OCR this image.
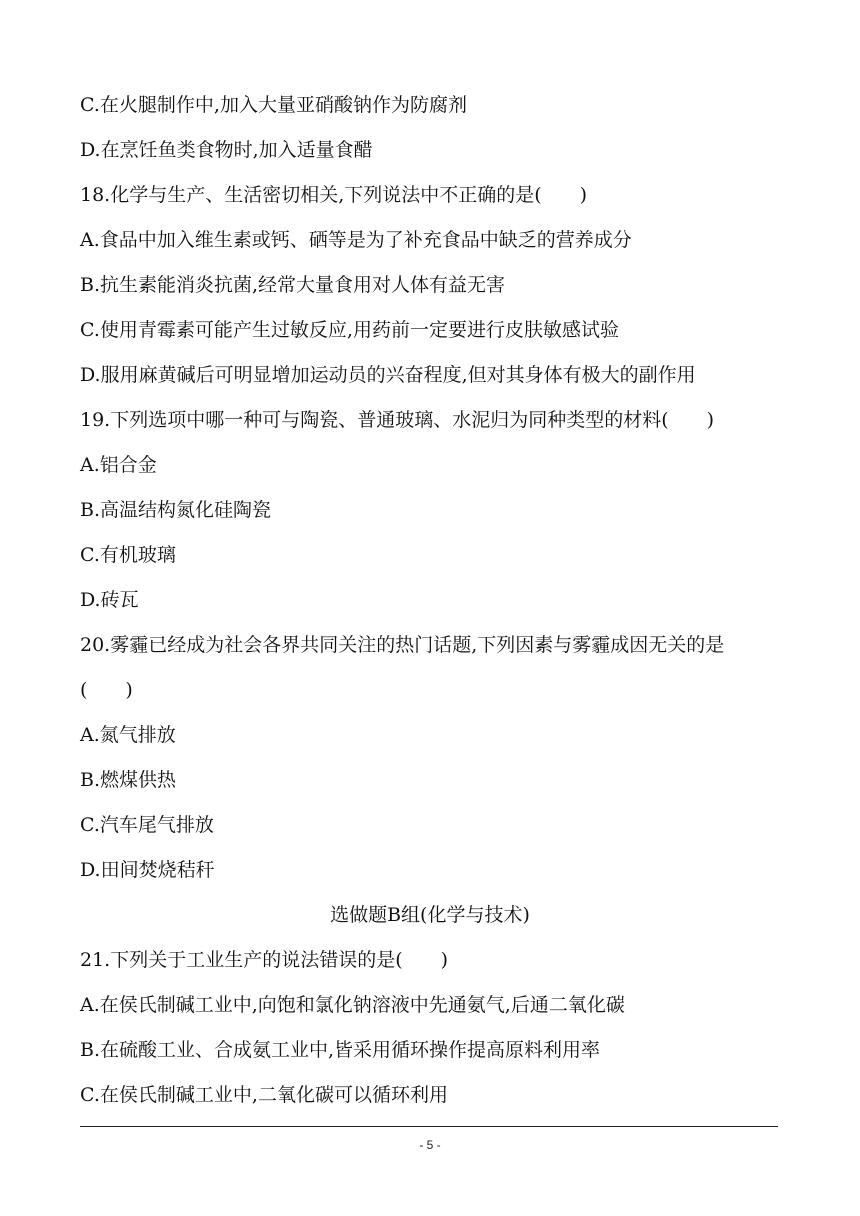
C.在火腿制作中,加入大量亚硝酸钠作为防腐剂
D.在烹饪鱼类食物时,加入适量食醋
18.化学与生产、生活密切相关,下列说法中不正确的是(　　)
A.食品中加入维生素或钙、硒等是为了补充食品中缺乏的营养成分
B.抗生素能消炎抗菌,经常大量食用对人体有益无害
C.使用青霉素可能产生过敏反应,用药前一定要进行皮肤敏感试验
D.服用麻黄碱后可明显增加运动员的兴奋程度,但对其身体有极大的副作用
19.下列选项中哪一种可与陶瓷、普通玻璃、水泥归为同种类型的材料(　　)
A.铝合金
B.高温结构氮化硅陶瓷
C.有机玻璃
D.砖瓦
20.雾霾已经成为社会各界共同关注的热门话题,下列因素与雾霾成因无关的是
(　　)
A.氮气排放
B.燃煤供热
C.汽车尾气排放
D.田间焚烧秸秆
选做题B组(化学与技术)
21.下列关于工业生产的说法错误的是(　　)
A.在侯氏制碱工业中,向饱和氯化钠溶液中先通氨气,后通二氧化碳
B.在硫酸工业、合成氨工业中,皆采用循环操作提高原料利用率
C.在侯氏制碱工业中,二氧化碳可以循环利用
- 5 -
